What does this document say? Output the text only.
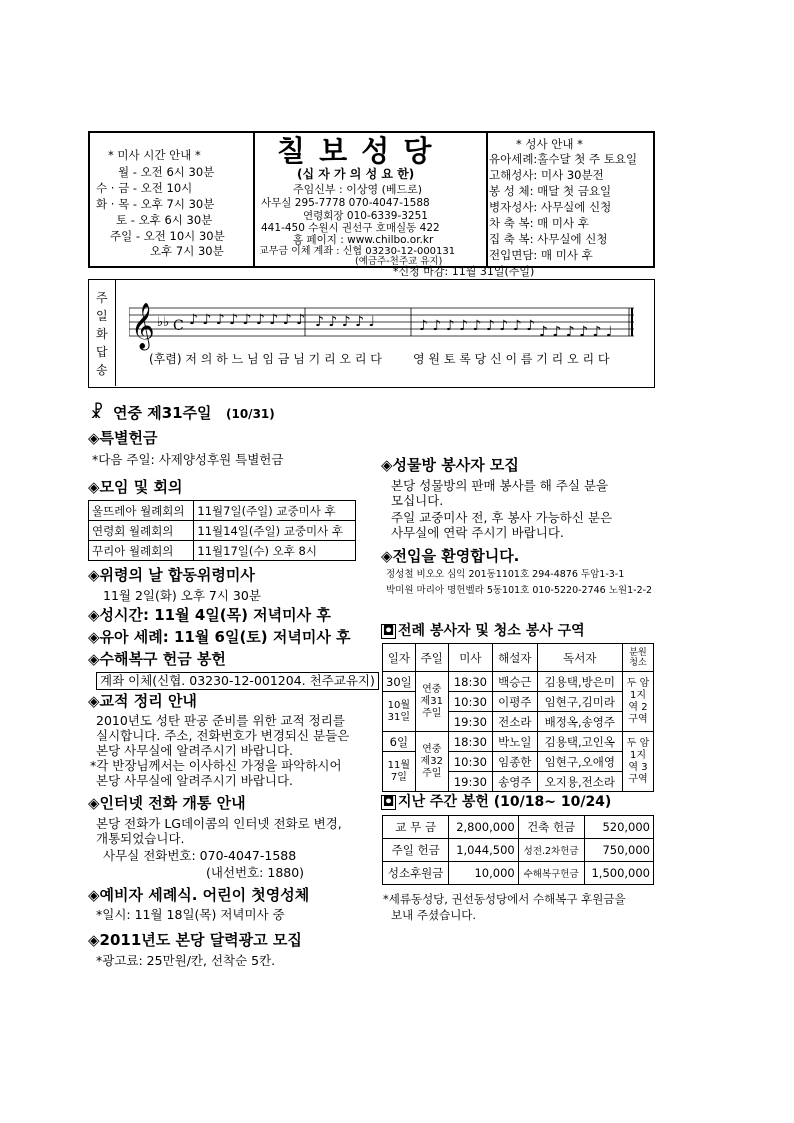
* 미사 시간 안내 *
월 - 오전 6시 30분
수 · 금 - 오전 10시
화 · 목 - 오후 7시 30분
토 - 오후 6시 30분
주일 - 오전 10시 30분
오후 7시 30분
칠 보 성 당
(십 자 가 의 성 요 한)
주임신부 : 이상영 (베드로)
사무실 295-7778 070-4047-1588
연령회장 010-6339-3251
441-450 수원시 권선구 호매실동 422
홈 페이지 : www.chilbo.or.kr
교무금 이체 계좌 : 신협 03230-12-000131
(예금주-천주교 유지)
* 성사 안내 *
유아세례:홀수달 첫 주 토요일
고해성사: 미사 30분전
봉 성 체: 매달 첫 금요일
병자성사: 사무실에 신청
차 축 복: 매 미사 후
집 축 복: 사무실에 신청
전입면담: 매 미사 후
*신청 마감: 11월 31일(주일)
주
일
화
답
송
𝄞 ♭♭ C ♪ ♪ ♪ ♪ ♪ ♪ ♪ ♪ ♪ ♪ ♪ ♪ ♪ ♩	♪ ♪ ♪ ♪ ♪ ♪ ♪ ♪ ♪ ♪ ♪ ♪ ♪ ♪ ♩
(후렴) 저 의 하 느 님 임 금 님 기 리 오 리 다	영 원 토 록 당 신 이 름 기 리 오 리 다
☧ 연중 제31주일 (10/31)
◈특별헌금
*다음 주일: 사제양성후원 특별헌금
◈모임 및 회의
울뜨레아 월례회의	11월7일(주일) 교중미사 후
연령회 월례회의	11월14일(주일) 교중미사 후
꾸리아 월례회의	11월17일(수) 오후 8시
◈위령의 날 합동위령미사
11월 2일(화) 오후 7시 30분
◈성시간: 11월 4일(목) 저녁미사 후
◈유아 세례: 11월 6일(토) 저녁미사 후
◈수해복구 헌금 봉헌
계좌 이체(신협. 03230-12-001204. 천주교유지)
◈교적 정리 안내
2010년도 성탄 판공 준비를 위한 교적 정리를
실시합니다. 주소, 전화번호가 변경되신 분들은
본당 사무실에 알려주시기 바랍니다.
*각 반장님께서는 이사하신 가정을 파악하시어
본당 사무실에 알려주시기 바랍니다.
◈인터넷 전화 개통 안내
본당 전화가 LG데이콤의 인터넷 전화로 변경,
개통되었습니다.
사무실 전화번호: 070-4047-1588
(내선번호: 1880)
◈예비자 세례식. 어린이 첫영성체
*일시: 11월 18일(목) 저녁미사 중
◈2011년도 본당 달력광고 모집
*광고료: 25만원/칸, 선착순 5칸.
◈성물방 봉사자 모집
본당 성물방의 판매 봉사를 해 주실 분을
모십니다.
주일 교중미사 전, 후 봉사 가능하신 분은
사무실에 연락 주시기 바랍니다.
◈전입을 환영합니다.
정성철 비오오 심익 201동1101호 294-4876 두암1-3-1
박미원 마리아 명헌벨라 5동101호 010-5220-2746 노원1-2-2
◘ 전례 봉사자 및 청소 봉사 구역
일자	주일	미사	해설자	독서자	분원청소
30일	연중 제31 주일	18:30	백승근	김용택,방은미	두 암 1지역 2구역
10월 31일		10:30	이평주	임현구,김미라	
		19:30	전소라	배정옥,송영주	
6일	연중 제32 주일	18:30	박노일	김용택,고인옥	두 암 1지역 3구역
11월 7일		10:30	임종한	임현구,오애영	
		19:30	송영주	오지용,전소라	
◘ 지난 주간 봉헌 (10/18~ 10/24)
교 무 금	2,800,000	건축 헌금	520,000
주일 헌금	1,044,500	성전.2차헌금	750,000
성소후원금	10,000	수해복구헌금	1,500,000
*세류동성당, 권선동성당에서 수해복구 후원금을
보내 주셨습니다.
